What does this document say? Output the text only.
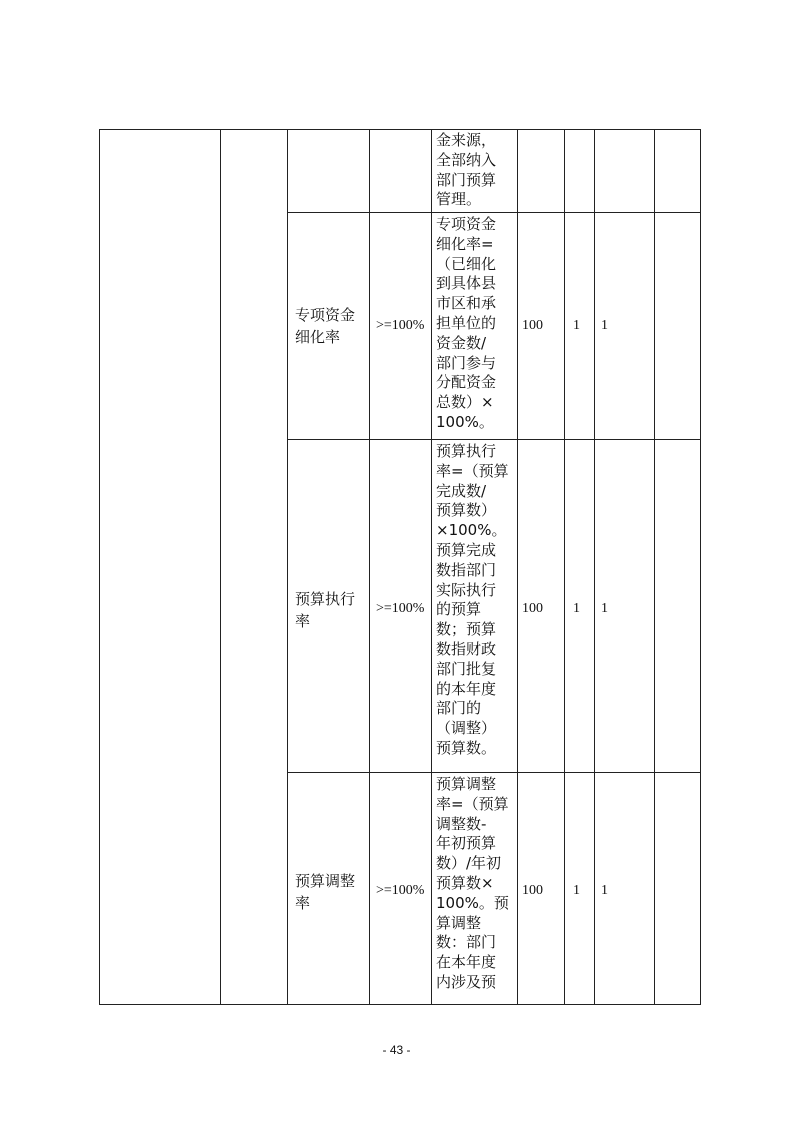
金来源，
全部纳入
部门预算
管理。
专项资金
细化率
>=100%
专项资金
细化率=
（已细化
到具体县
市区和承
担单位的
资金数/
部门参与
分配资金
总数）×
100%。
100 1 1
预算执行
率
>=100%
预算执行
率=（预算
完成数/
预算数）
×100%。
预算完成
数指部门
实际执行
的预算
数；预算
数指财政
部门批复
的本年度
部门的
（调整）
预算数。
100 1 1
预算调整
率
>=100%
预算调整
率=（预算
调整数-
年初预算
数）/年初
预算数×
100%。预
算调整
数：部门
在本年度
内涉及预
100 1 1
- 43 -
